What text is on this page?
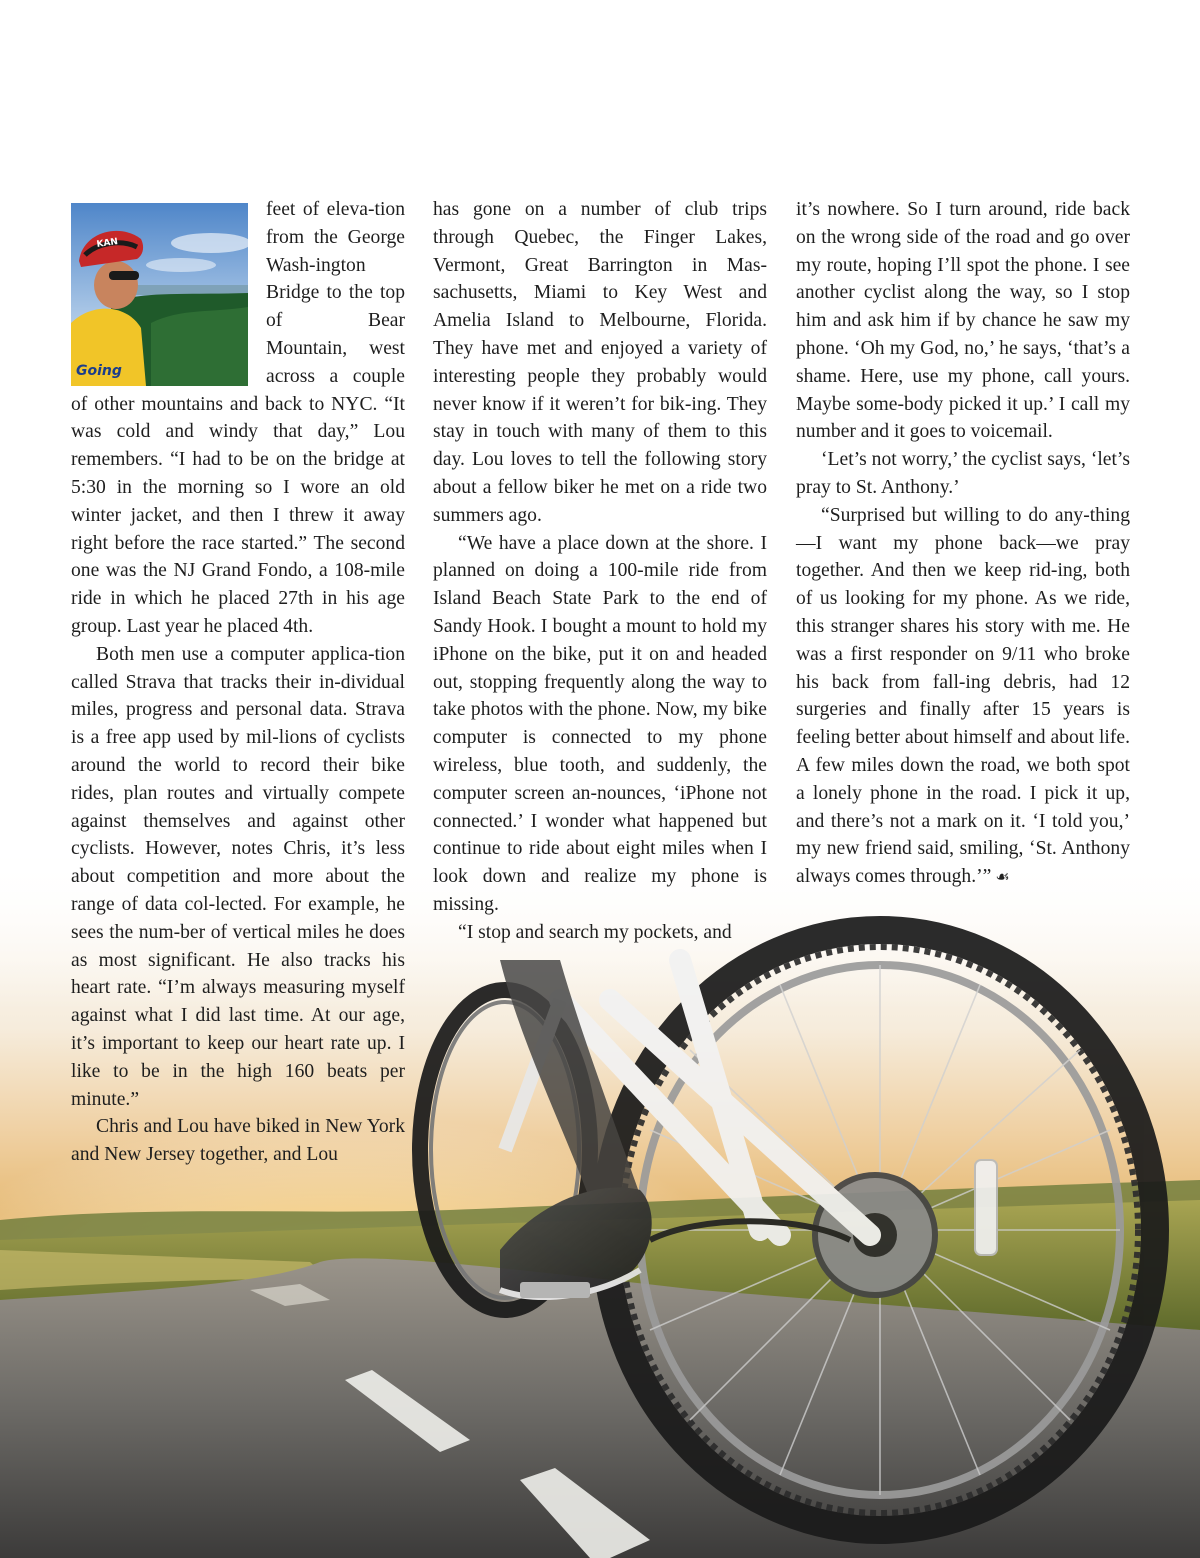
Going
KAN

feet of eleva-tion from the George Wash-ington Bridge to the top of Bear Mountain, west across a couple of other mountains and back to NYC. “It was cold and windy that day,” Lou remembers. “I had to be on the bridge at 5:30 in the morning so I wore an old winter jacket, and then I threw it away right before the race started.” The second one was the NJ Grand Fondo, a 108-mile ride in which he placed 27th in his age group. Last year he placed 4th.

Both men use a computer applica-tion called Strava that tracks their in-dividual miles, progress and personal data. Strava is a free app used by mil-lions of cyclists around the world to record their bike rides, plan routes and virtually compete against themselves and against other cyclists. However, notes Chris, it’s less about competition and more about the range of data col-lected. For example, he sees the num-ber of vertical miles he does as most significant. He also tracks his heart rate. “I’m always measuring myself against what I did last time. At our age, it’s important to keep our heart rate up. I like to be in the high 160 beats per minute.”

Chris and Lou have biked in New York and New Jersey together, and Lou

has gone on a number of club trips through Quebec, the Finger Lakes, Vermont, Great Barrington in Mas-sachusetts, Miami to Key West and Amelia Island to Melbourne, Florida. They have met and enjoyed a variety of interesting people they probably would never know if it weren’t for bik-ing. They stay in touch with many of them to this day. Lou loves to tell the following story about a fellow biker he met on a ride two summers ago.

“We have a place down at the shore. I planned on doing a 100-mile ride from Island Beach State Park to the end of Sandy Hook. I bought a mount to hold my iPhone on the bike, put it on and headed out, stopping frequently along the way to take photos with the phone. Now, my bike computer is connected to my phone wireless, blue tooth, and suddenly, the computer screen an-nounces, ‘iPhone not connected.’ I wonder what happened but continue to ride about eight miles when I look down and realize my phone is missing.

“I stop and search my pockets, and

it’s nowhere. So I turn around, ride back on the wrong side of the road and go over my route, hoping I’ll spot the phone. I see another cyclist along the way, so I stop him and ask him if by chance he saw my phone. ‘Oh my God, no,’ he says, ‘that’s a shame. Here, use my phone, call yours. Maybe some-body picked it up.’ I call my number and it goes to voicemail.

‘Let’s not worry,’ the cyclist says, ‘let’s pray to St. Anthony.’

“Surprised but willing to do any-thing—I want my phone back—we pray together. And then we keep rid-ing, both of us looking for my phone. As we ride, this stranger shares his story with me. He was a first responder on 9/11 who broke his back from fall-ing debris, had 12 surgeries and finally after 15 years is feeling better about himself and about life. A few miles down the road, we both spot a lonely phone in the road. I pick it up, and there’s not a mark on it. ‘I told you,’ my new friend said, smiling, ‘St. Anthony always comes through.’” ☙
